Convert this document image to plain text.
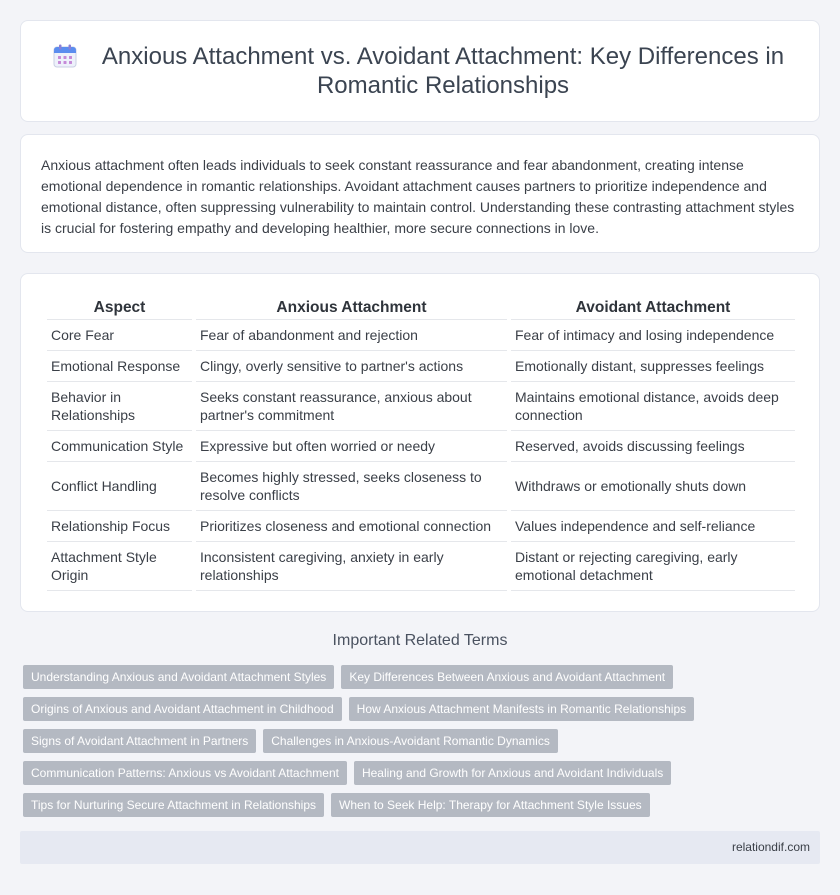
Anxious Attachment vs. Avoidant Attachment: Key Differences in Romantic Relationships

Anxious attachment often leads individuals to seek constant reassurance and fear abandonment, creating intense emotional dependence in romantic relationships. Avoidant attachment causes partners to prioritize independence and emotional distance, often suppressing vulnerability to maintain control. Understanding these contrasting attachment styles is crucial for fostering empathy and developing healthier, more secure connections in love.

Aspect	Anxious Attachment	Avoidant Attachment
Core Fear	Fear of abandonment and rejection	Fear of intimacy and losing independence
Emotional Response	Clingy, overly sensitive to partner's actions	Emotionally distant, suppresses feelings
Behavior in Relationships	Seeks constant reassurance, anxious about partner's commitment	Maintains emotional distance, avoids deep connection
Communication Style	Expressive but often worried or needy	Reserved, avoids discussing feelings
Conflict Handling	Becomes highly stressed, seeks closeness to resolve conflicts	Withdraws or emotionally shuts down
Relationship Focus	Prioritizes closeness and emotional connection	Values independence and self-reliance
Attachment Style Origin	Inconsistent caregiving, anxiety in early relationships	Distant or rejecting caregiving, early emotional detachment
Important Related Terms
Understanding Anxious and Avoidant Attachment Styles	Key Differences Between Anxious and Avoidant Attachment
Origins of Anxious and Avoidant Attachment in Childhood	How Anxious Attachment Manifests in Romantic Relationships
Signs of Avoidant Attachment in Partners	Challenges in Anxious-Avoidant Romantic Dynamics
Communication Patterns: Anxious vs Avoidant Attachment	Healing and Growth for Anxious and Avoidant Individuals
Tips for Nurturing Secure Attachment in Relationships	When to Seek Help: Therapy for Attachment Style Issues
relationdif.com
